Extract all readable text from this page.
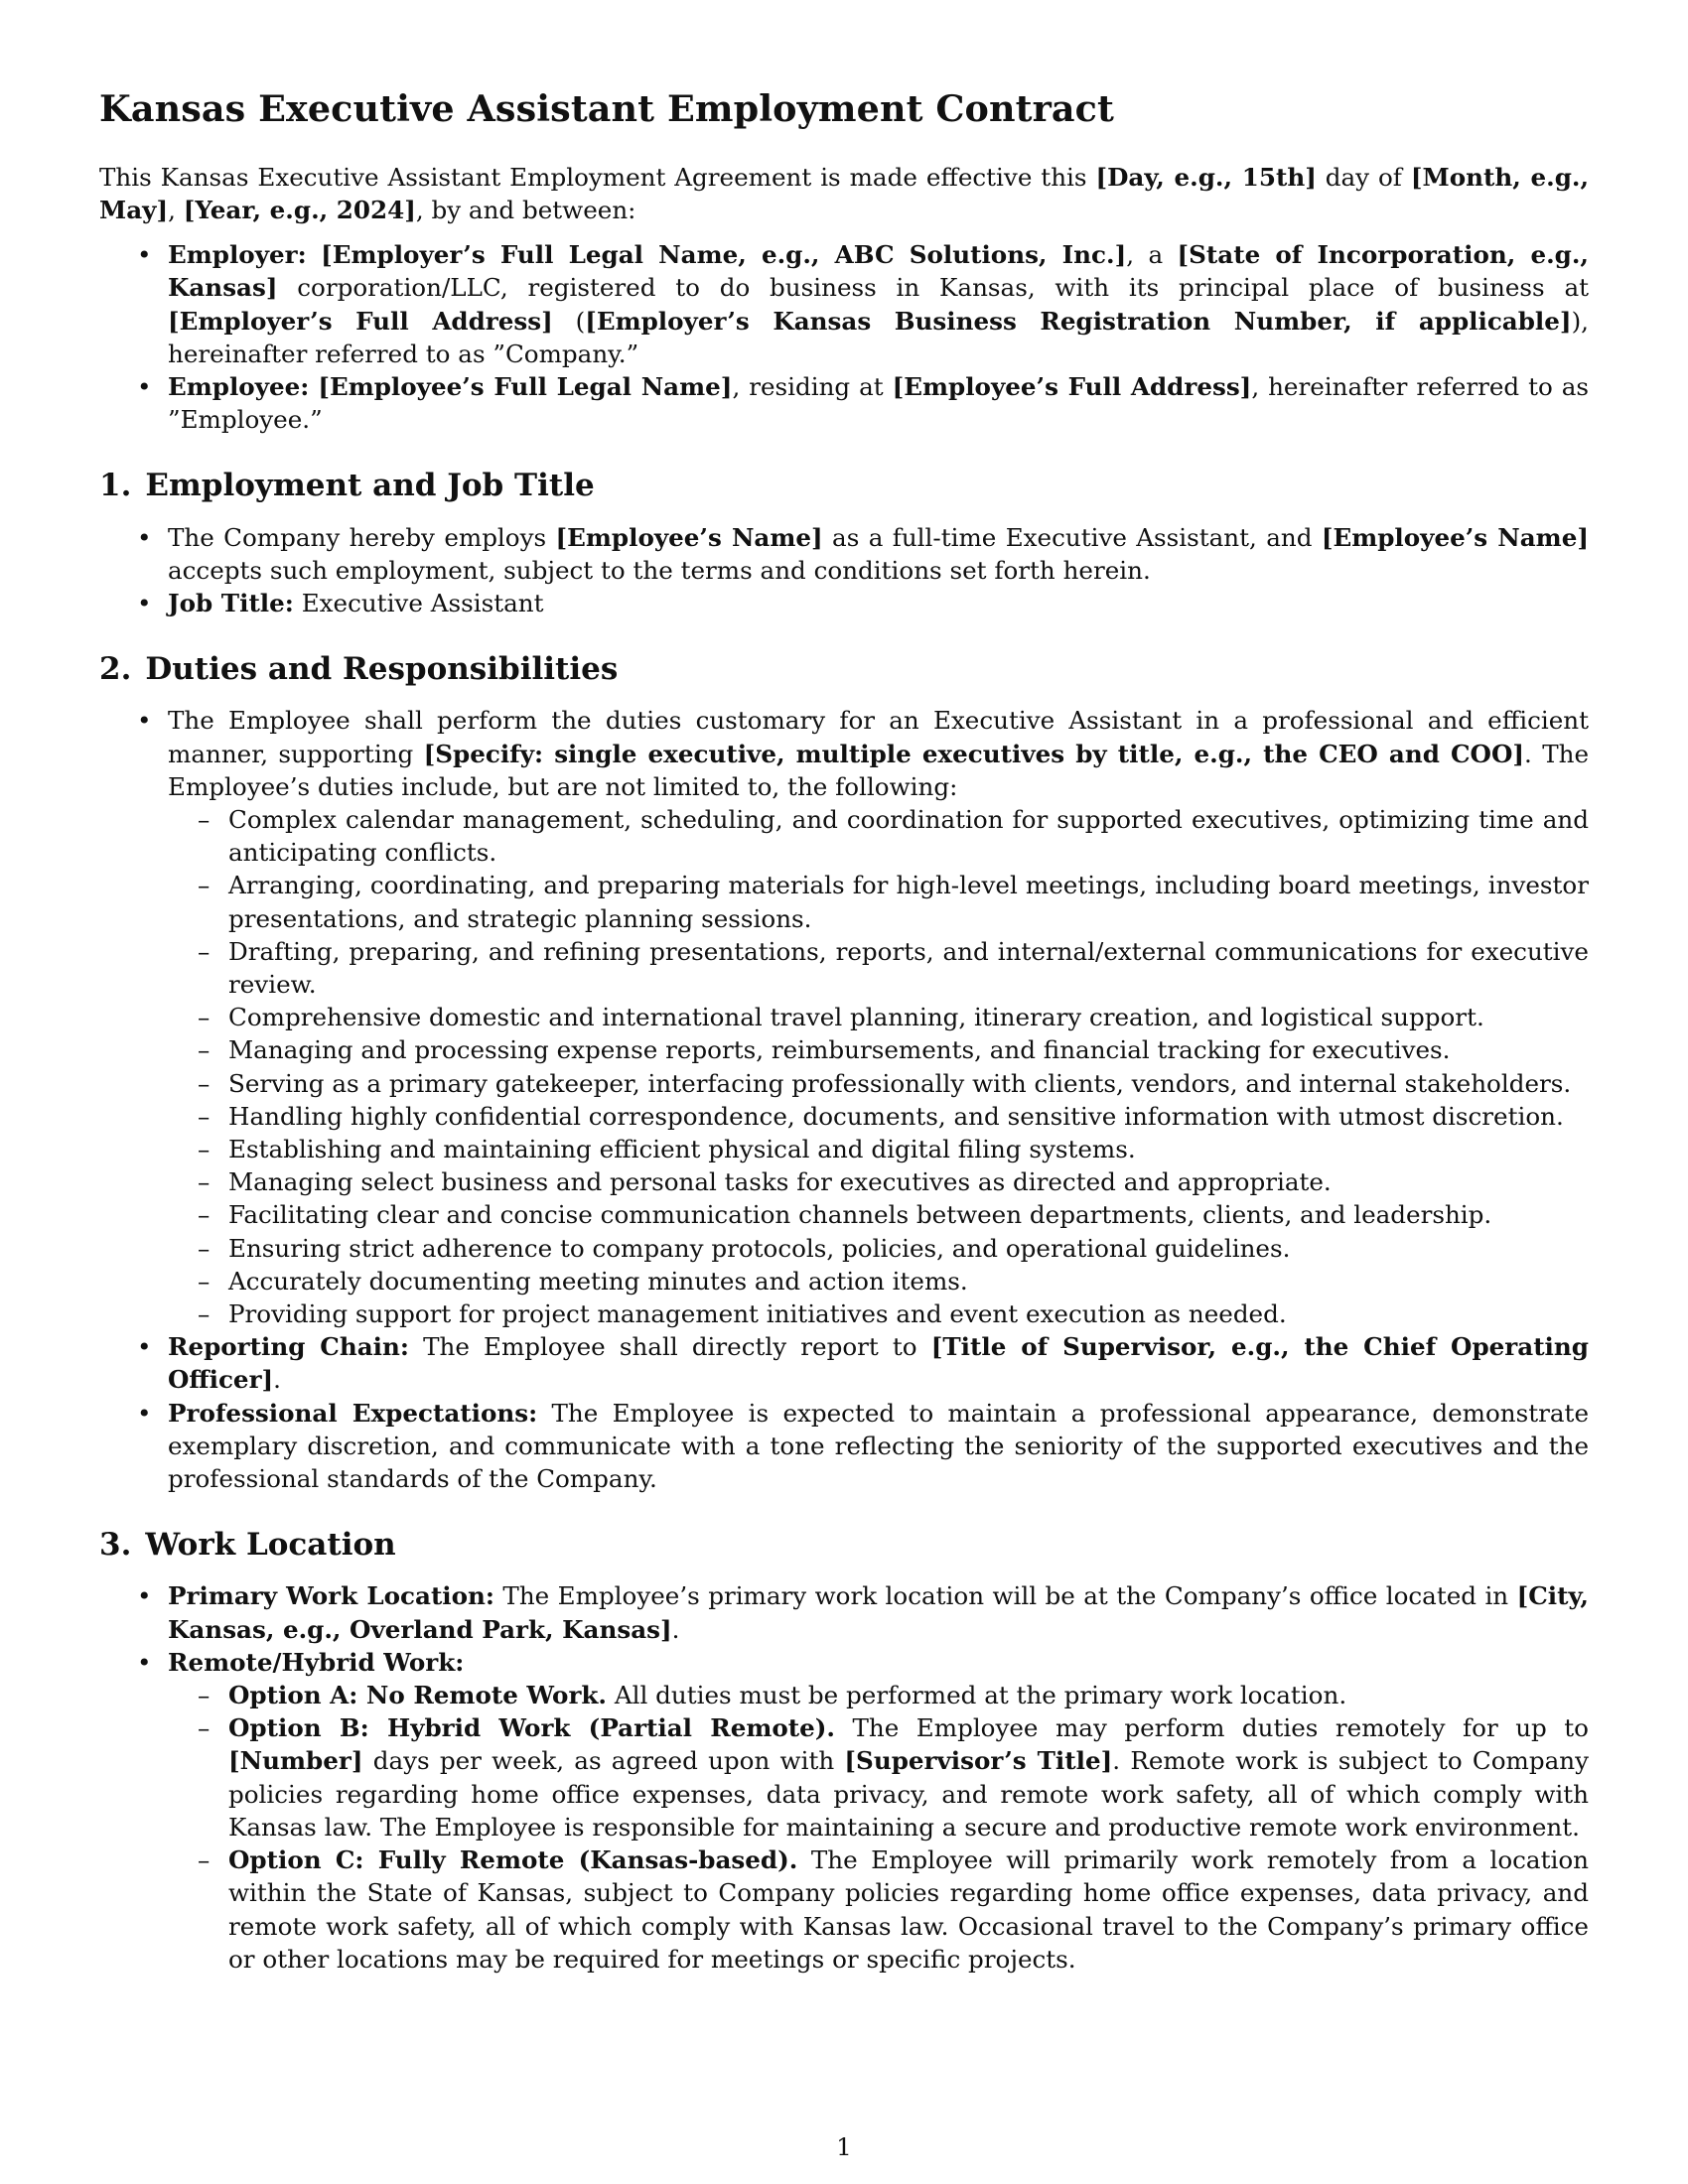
Kansas Executive Assistant Employment Contract

This Kansas Executive Assistant Employment Agreement is made effective this [Day, e.g., 15th] day of [Month, e.g., May], [Year, e.g., 2024], by and between:

• Employer: [Employer’s Full Legal Name, e.g., ABC Solutions, Inc.], a [State of Incorporation, e.g., Kansas] corporation/LLC, registered to do business in Kansas, with its principal place of business at [Employer’s Full Address] ([Employer’s Kansas Business Registration Number, if applicable]), hereinafter referred to as ”Company.”
• Employee: [Employee’s Full Legal Name], residing at [Employee’s Full Address], hereinafter referred to as ”Employee.”
1. Employment and Job Title
• The Company hereby employs [Employee’s Name] as a full-time Executive Assistant, and [Employee’s Name] accepts such employment, subject to the terms and conditions set forth herein.
• Job Title: Executive Assistant
2. Duties and Responsibilities
• The Employee shall perform the duties customary for an Executive Assistant in a professional and efficient manner, supporting [Specify: single executive, multiple executives by title, e.g., the CEO and COO]. The Employee’s duties include, but are not limited to, the following:
– Complex calendar management, scheduling, and coordination for supported executives, optimizing time and anticipating conflicts.
– Arranging, coordinating, and preparing materials for high-level meetings, including board meetings, investor presentations, and strategic planning sessions.
– Drafting, preparing, and refining presentations, reports, and internal/external communications for executive review.
– Comprehensive domestic and international travel planning, itinerary creation, and logistical support.
– Managing and processing expense reports, reimbursements, and financial tracking for executives.
– Serving as a primary gatekeeper, interfacing professionally with clients, vendors, and internal stakeholders.
– Handling highly confidential correspondence, documents, and sensitive information with utmost discretion.
– Establishing and maintaining efficient physical and digital filing systems.
– Managing select business and personal tasks for executives as directed and appropriate.
– Facilitating clear and concise communication channels between departments, clients, and leadership.
– Ensuring strict adherence to company protocols, policies, and operational guidelines.
– Accurately documenting meeting minutes and action items.
– Providing support for project management initiatives and event execution as needed.
• Reporting Chain: The Employee shall directly report to [Title of Supervisor, e.g., the Chief Operating Officer].
• Professional Expectations: The Employee is expected to maintain a professional appearance, demonstrate exemplary discretion, and communicate with a tone reflecting the seniority of the supported executives and the professional standards of the Company.
3. Work Location
• Primary Work Location: The Employee’s primary work location will be at the Company’s office located in [City, Kansas, e.g., Overland Park, Kansas].
• Remote/Hybrid Work:
– Option A: No Remote Work. All duties must be performed at the primary work location.
– Option B: Hybrid Work (Partial Remote). The Employee may perform duties remotely for up to [Number] days per week, as agreed upon with [Supervisor’s Title]. Remote work is subject to Company policies regarding home office expenses, data privacy, and remote work safety, all of which comply with Kansas law. The Employee is responsible for maintaining a secure and productive remote work environment.
– Option C: Fully Remote (Kansas-based). The Employee will primarily work remotely from a location within the State of Kansas, subject to Company policies regarding home office expenses, data privacy, and remote work safety, all of which comply with Kansas law. Occasional travel to the Company’s primary office or other locations may be required for meetings or specific projects.
1
